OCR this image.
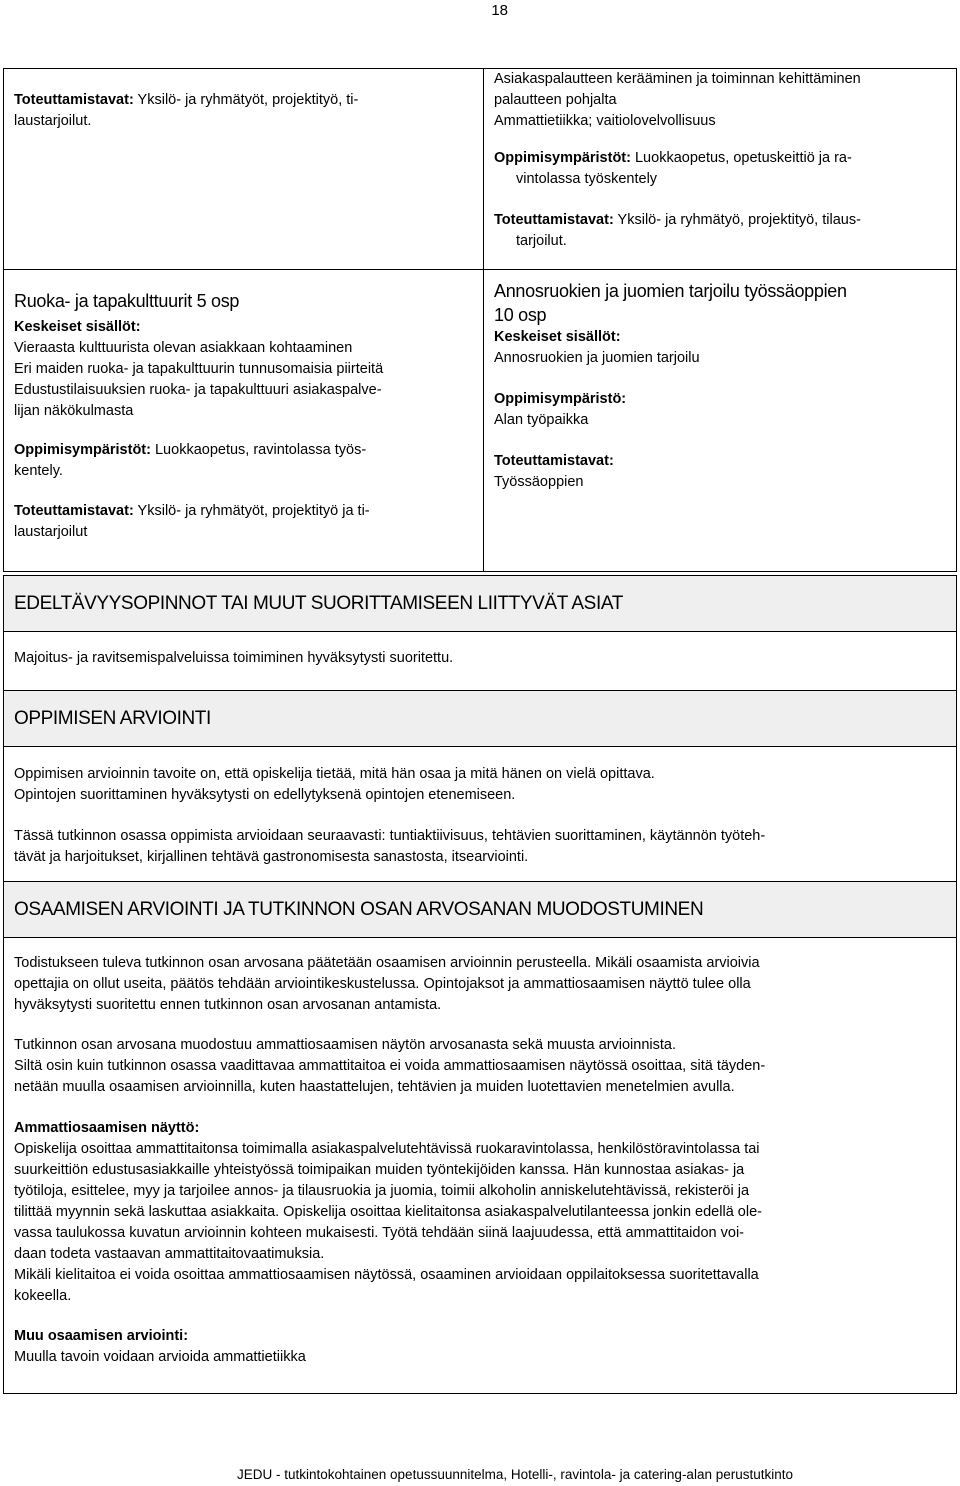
18
Toteuttamistavat: Yksilö- ja ryhmätyöt, projektityö, ti-
laustarjoilut.
Asiakaspalautteen kerääminen ja toiminnan kehittäminen
palautteen pohjalta
Ammattietiikka; vaitiolovelvollisuus
Oppimisympäristöt: Luokkaopetus, opetuskeittiö ja ra-
vintolassa työskentely
Toteuttamistavat: Yksilö- ja ryhmätyö, projektityö, tilaus-
tarjoilut.
Ruoka- ja tapakulttuurit 5 osp
Keskeiset sisällöt:
Vieraasta kulttuurista olevan asiakkaan kohtaaminen
Eri maiden ruoka- ja tapakulttuurin tunnusomaisia piirteitä
Edustustilaisuuksien ruoka- ja tapakulttuuri asiakaspalve-
lijan näkökulmasta
Oppimisympäristöt: Luokkaopetus, ravintolassa työs-
kentely.
Toteuttamistavat: Yksilö- ja ryhmätyöt, projektityö ja ti-
laustarjoilut
Annosruokien ja juomien tarjoilu työssäoppien
10 osp
Keskeiset sisällöt:
Annosruokien ja juomien tarjoilu
Oppimisympäristö:
Alan työpaikka
Toteuttamistavat:
Työssäoppien
EDELTÄVYYSOPINNOT TAI MUUT SUORITTAMISEEN LIITTYVÄT ASIAT
Majoitus- ja ravitsemispalveluissa toimiminen hyväksytysti suoritettu.
OPPIMISEN ARVIOINTI
Oppimisen arvioinnin tavoite on, että opiskelija tietää, mitä hän osaa ja mitä hänen on vielä opittava.
Opintojen suorittaminen hyväksytysti on edellytyksenä opintojen etenemiseen.
Tässä tutkinnon osassa oppimista arvioidaan seuraavasti: tuntiaktiivisuus, tehtävien suorittaminen, käytännön työteh-
tävät ja harjoitukset, kirjallinen tehtävä gastronomisesta sanastosta, itsearviointi.
OSAAMISEN ARVIOINTI JA TUTKINNON OSAN ARVOSANAN MUODOSTUMINEN
Todistukseen tuleva tutkinnon osan arvosana päätetään osaamisen arvioinnin perusteella. Mikäli osaamista arvioivia
opettajia on ollut useita, päätös tehdään arviointikeskustelussa. Opintojaksot ja ammattiosaamisen näyttö tulee olla
hyväksytysti suoritettu ennen tutkinnon osan arvosanan antamista.
Tutkinnon osan arvosana muodostuu ammattiosaamisen näytön arvosanasta sekä muusta arvioinnista.
Siltä osin kuin tutkinnon osassa vaadittavaa ammattitaitoa ei voida ammattiosaamisen näytössä osoittaa, sitä täyden-
netään muulla osaamisen arvioinnilla, kuten haastattelujen, tehtävien ja muiden luotettavien menetelmien avulla.
Ammattiosaamisen näyttö:
Opiskelija osoittaa ammattitaitonsa toimimalla asiakaspalvelutehtävissä ruokaravintolassa, henkilöstöravintolassa tai
suurkeittiön edustusasiakkaille yhteistyössä toimipaikan muiden työntekijöiden kanssa. Hän kunnostaa asiakas- ja
työtiloja, esittelee, myy ja tarjoilee annos- ja tilausruokia ja juomia, toimii alkoholin anniskelutehtävissä, rekisteröi ja
tilittää myynnin sekä laskuttaa asiakkaita. Opiskelija osoittaa kielitaitonsa asiakaspalvelutilanteessa jonkin edellä ole-
vassa taulukossa kuvatun arvioinnin kohteen mukaisesti. Työtä tehdään siinä laajuudessa, että ammattitaidon voi-
daan todeta vastaavan ammattitaitovaatimuksia.
Mikäli kielitaitoa ei voida osoittaa ammattiosaamisen näytössä, osaaminen arvioidaan oppilaitoksessa suoritettavalla
kokeella.
Muu osaamisen arviointi:
Muulla tavoin voidaan arvioida ammattietiikka
JEDU - tutkintokohtainen opetussuunnitelma, Hotelli-, ravintola- ja catering-alan perustutkinto
